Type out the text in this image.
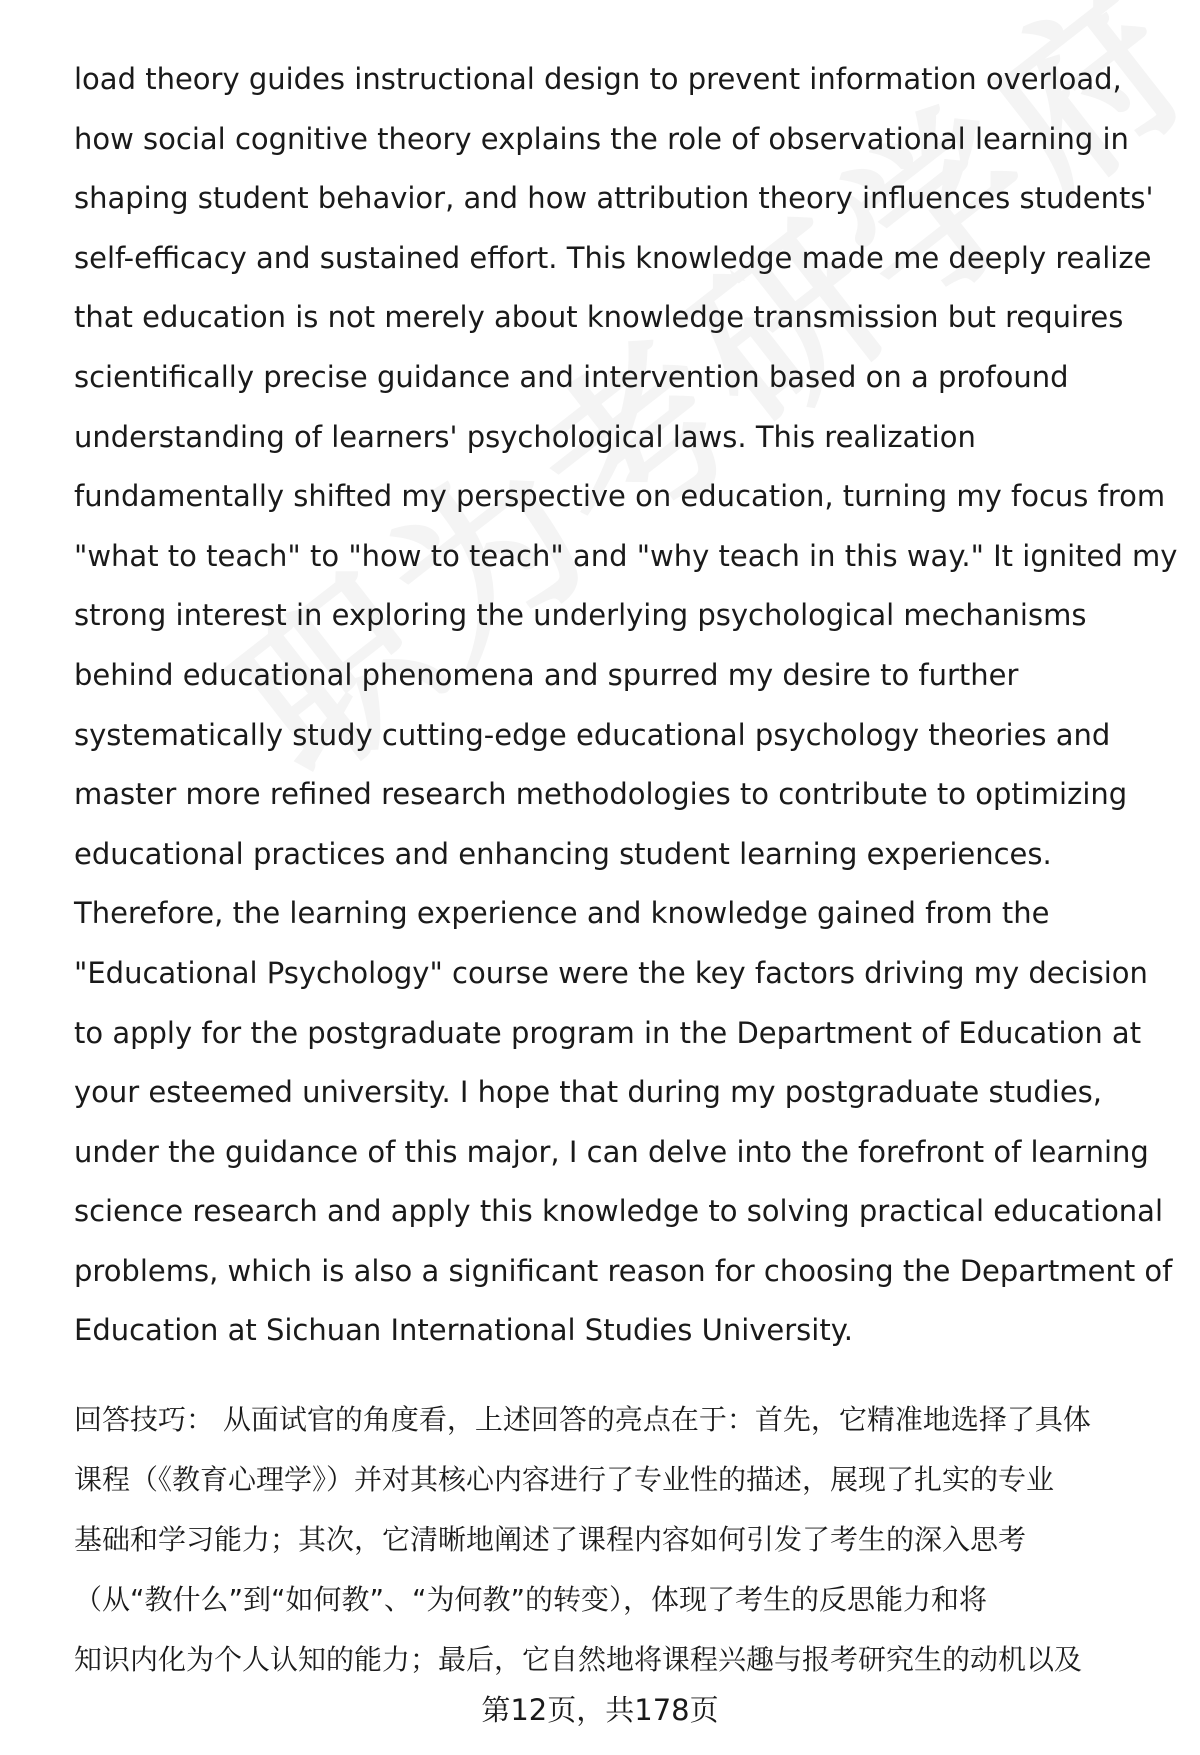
load theory guides instructional design to prevent information overload,
how social cognitive theory explains the role of observational learning in
shaping student behavior, and how attribution theory influences students'
self-efficacy and sustained effort. This knowledge made me deeply realize
that education is not merely about knowledge transmission but requires
scientifically precise guidance and intervention based on a profound
understanding of learners' psychological laws. This realization
fundamentally shifted my perspective on education, turning my focus from
"what to teach" to "how to teach" and "why teach in this way." It ignited my
strong interest in exploring the underlying psychological mechanisms
behind educational phenomena and spurred my desire to further
systematically study cutting-edge educational psychology theories and
master more refined research methodologies to contribute to optimizing
educational practices and enhancing student learning experiences.
Therefore, the learning experience and knowledge gained from the
"Educational Psychology" course were the key factors driving my decision
to apply for the postgraduate program in the Department of Education at
your esteemed university. I hope that during my postgraduate studies,
under the guidance of this major, I can delve into the forefront of learning
science research and apply this knowledge to solving practical educational
problems, which is also a significant reason for choosing the Department of
Education at Sichuan International Studies University.
回答技巧： 从面试官的角度看，上述回答的亮点在于：首先，它精准地选择了具体
课程（《教育心理学》）并对其核心内容进行了专业性的描述，展现了扎实的专业
基础和学习能力；其次，它清晰地阐述了课程内容如何引发了考生的深入思考
（从“教什么”到“如何教”、“为何教”的转变），体现了考生的反思能力和将
知识内化为个人认知的能力；最后，它自然地将课程兴趣与报考研究生的动机以及
第12页，共178页
